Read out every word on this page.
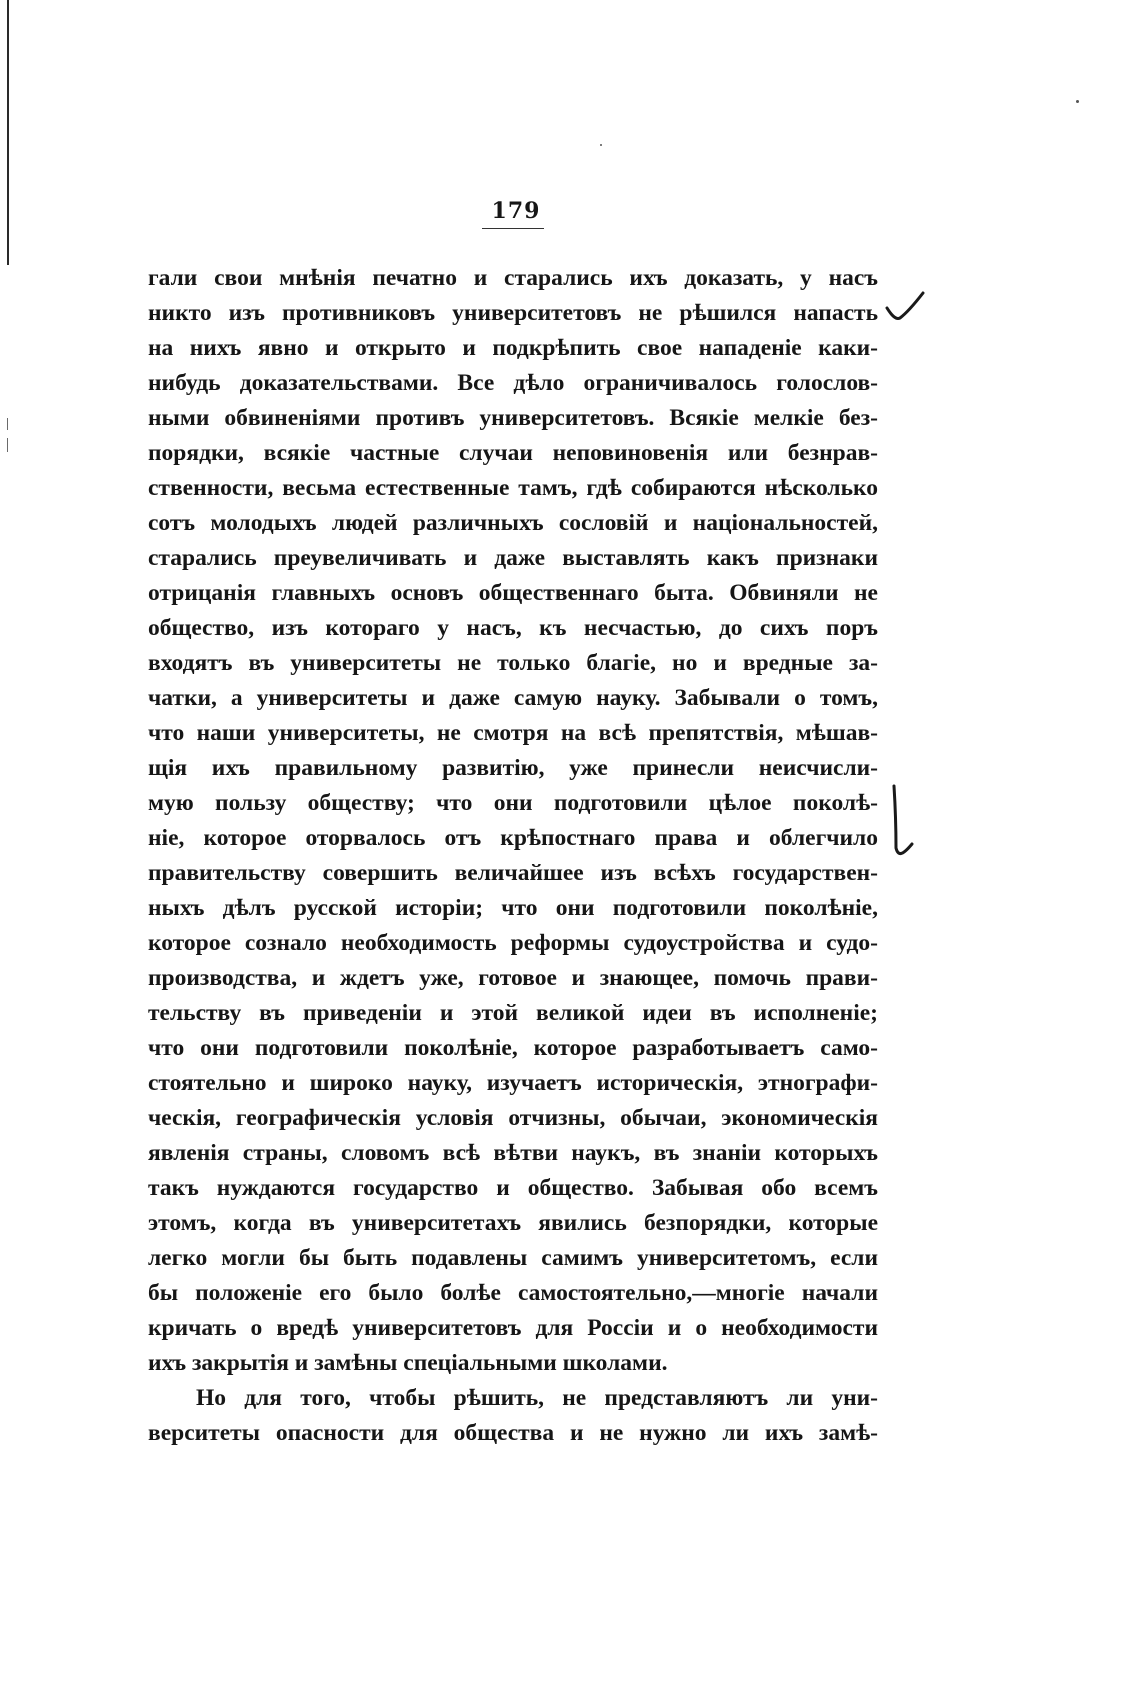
179
гали свои мнѣнія печатно и старались ихъ доказать, у насъ
никто изъ противниковъ университетовъ не рѣшился напасть
на нихъ явно и открыто и подкрѣпить свое нападеніе каки-
нибудь доказательствами. Все дѣло ограничивалось голослов-
ными обвиненіями противъ университетовъ. Всякіе мелкіе без-
порядки, всякіе частные случаи неповиновенія или безнрав-
ственности, весьма естественные тамъ, гдѣ собираются нѣсколько
сотъ молодыхъ людей различныхъ сословій и національностей,
старались преувеличивать и даже выставлять какъ признаки
отрицанія главныхъ основъ общественнаго быта. Обвиняли не
общество, изъ котораго у насъ, къ несчастью, до сихъ поръ
входятъ въ университеты не только благіе, но и вредные за-
чатки, а университеты и даже самую науку. Забывали о томъ,
что наши университеты, не смотря на всѣ препятствія, мѣшав-
щія ихъ правильному развитію, уже принесли неисчисли-
мую пользу обществу; что они подготовили цѣлое поколѣ-
ніе, которое оторвалось отъ крѣпостнаго права и облегчило
правительству совершить величайшее изъ всѣхъ государствен-
ныхъ дѣлъ русской исторіи; что они подготовили поколѣніе,
которое сознало необходимость реформы судоустройства и судо-
производства, и ждетъ уже, готовое и знающее, помочь прави-
тельству въ приведеніи и этой великой идеи въ исполненіе;
что они подготовили поколѣніе, которое разработываетъ само-
стоятельно и широко науку, изучаетъ историческія, этнографи-
ческія, географическія условія отчизны, обычаи, экономическія
явленія страны, словомъ всѣ вѣтви наукъ, въ знаніи которыхъ
такъ нуждаются государство и общество. Забывая обо всемъ
этомъ, когда въ университетахъ явились безпорядки, которые
легко могли бы быть подавлены самимъ университетомъ, если
бы положеніе его было болѣе самостоятельно,—многіе начали
кричать о вредѣ университетовъ для Россіи и о необходимости
ихъ закрытія и замѣны спеціальными школами.
Но для того, чтобы рѣшить, не представляютъ ли уни-
верситеты опасности для общества и не нужно ли ихъ замѣ-
